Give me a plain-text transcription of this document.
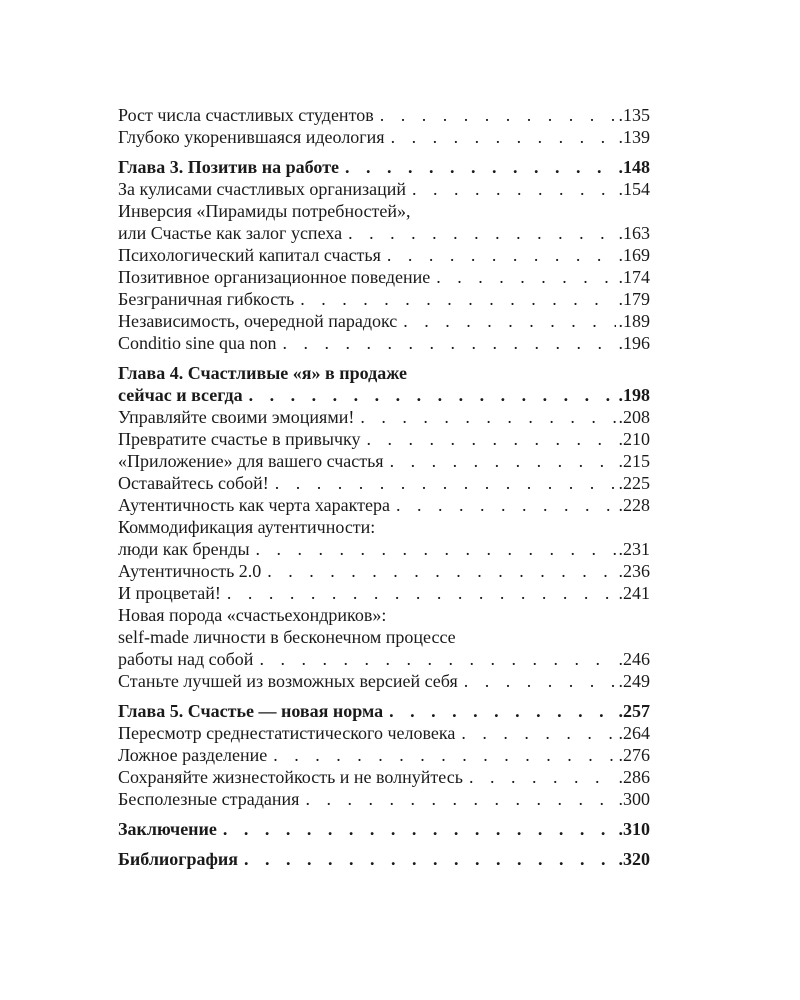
Рост числа счастливых студентов . . .	.135
Глубоко укоренившаяся идеология . . .	.139
Глава 3. Позитив на работе . . .	.148
За кулисами счастливых организаций . . .	.154
Инверсия «Пирамиды потребностей»,
или Счастье как залог успеха . . .	.163
Психологический капитал счастья . . .	.169
Позитивное организационное поведение . . .	.174
Безграничная гибкость . . .	.179
Независимость, очередной парадокс . . .	.189
Conditio sine qua non . . .	.196
Глава 4. Счастливые «я» в продаже
сейчас и всегда . . .	.198
Управляйте своими эмоциями! . . .	.208
Превратите счастье в привычку . . .	.210
«Приложение» для вашего счастья . . .	.215
Оставайтесь собой! . . .	.225
Аутентичность как черта характера . . .	.228
Коммодификация аутентичности:
люди как бренды . . .	.231
Аутентичность 2.0 . . .	.236
И процветай! . . .	.241
Новая порода «счастьехондриков»:
self-made личности в бесконечном процессе
работы над собой . . .	.246
Станьте лучшей из возможных версией себя . . .	.249
Глава 5. Счастье — новая норма . . .	.257
Пересмотр среднестатистического человека . . .	.264
Ложное разделение . . .	.276
Сохраняйте жизнестойкость и не волнуйтесь . . .	.286
Бесполезные страдания . . .	.300
Заключение . . .	.310
Библиография . . .	.320
